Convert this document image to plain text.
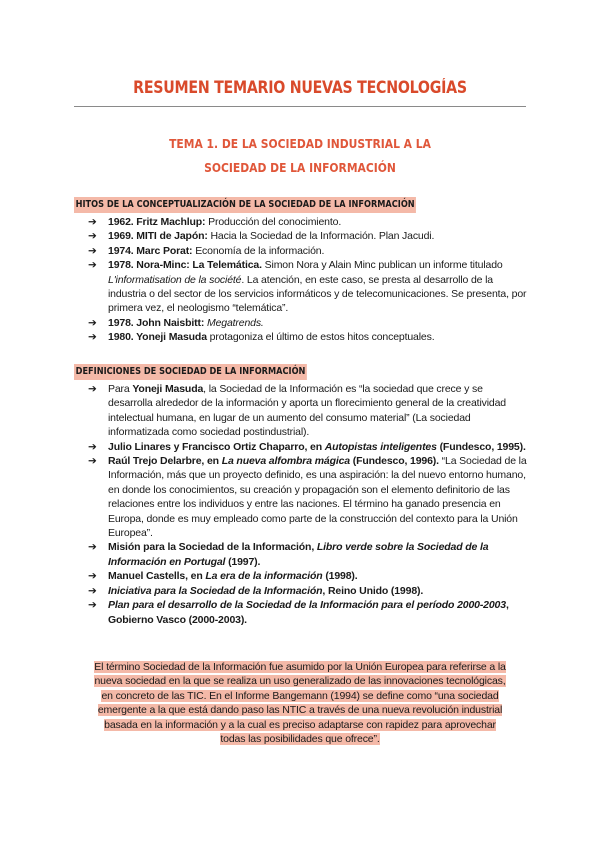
RESUMEN TEMARIO NUEVAS TECNOLOGÍAS
TEMA 1. DE LA SOCIEDAD INDUSTRIAL A LA
SOCIEDAD DE LA INFORMACIÓN
HITOS DE LA CONCEPTUALIZACIÓN DE LA SOCIEDAD DE LA INFORMACIÓN
➔ 1962. Fritz Machlup: Producción del conocimiento.
➔ 1969. MITI de Japón: Hacia la Sociedad de la Información. Plan Jacudi.
➔ 1974. Marc Porat: Economía de la información.
➔ 1978. Nora-Minc: La Telemática. Simon Nora y Alain Minc publican un informe titulado L'informatisation de la société. La atención, en este caso, se presta al desarrollo de la industria o del sector de los servicios informáticos y de telecomunicaciones. Se presenta, por primera vez, el neologismo “telemática”.
➔ 1978. John Naisbitt: Megatrends.
➔ 1980. Yoneji Masuda protagoniza el último de estos hitos conceptuales.
DEFINICIONES DE SOCIEDAD DE LA INFORMACIÓN
➔ Para Yoneji Masuda, la Sociedad de la Información es “la sociedad que crece y se desarrolla alrededor de la información y aporta un florecimiento general de la creatividad intelectual humana, en lugar de un aumento del consumo material” (La sociedad informatizada como sociedad postindustrial).
➔ Julio Linares y Francisco Ortiz Chaparro, en Autopistas inteligentes (Fundesco, 1995).
➔ Raúl Trejo Delarbre, en La nueva alfombra mágica (Fundesco, 1996). “La Sociedad de la Información, más que un proyecto definido, es una aspiración: la del nuevo entorno humano, en donde los conocimientos, su creación y propagación son el elemento definitorio de las relaciones entre los individuos y entre las naciones. El término ha ganado presencia en Europa, donde es muy empleado como parte de la construcción del contexto para la Unión Europea”.
➔ Misión para la Sociedad de la Información, Libro verde sobre la Sociedad de la Información en Portugal (1997).
➔ Manuel Castells, en La era de la información (1998).
➔ Iniciativa para la Sociedad de la Información, Reino Unido (1998).
➔ Plan para el desarrollo de la Sociedad de la Información para el período 2000-2003, Gobierno Vasco (2000-2003).
El término Sociedad de la Información fue asumido por la Unión Europea para referirse a la
nueva sociedad en la que se realiza un uso generalizado de las innovaciones tecnológicas,
en concreto de las TIC. En el Informe Bangemann (1994) se define como “una sociedad
emergente a la que está dando paso las NTIC a través de una nueva revolución industrial
basada en la información y a la cual es preciso adaptarse con rapidez para aprovechar
todas las posibilidades que ofrece”.
